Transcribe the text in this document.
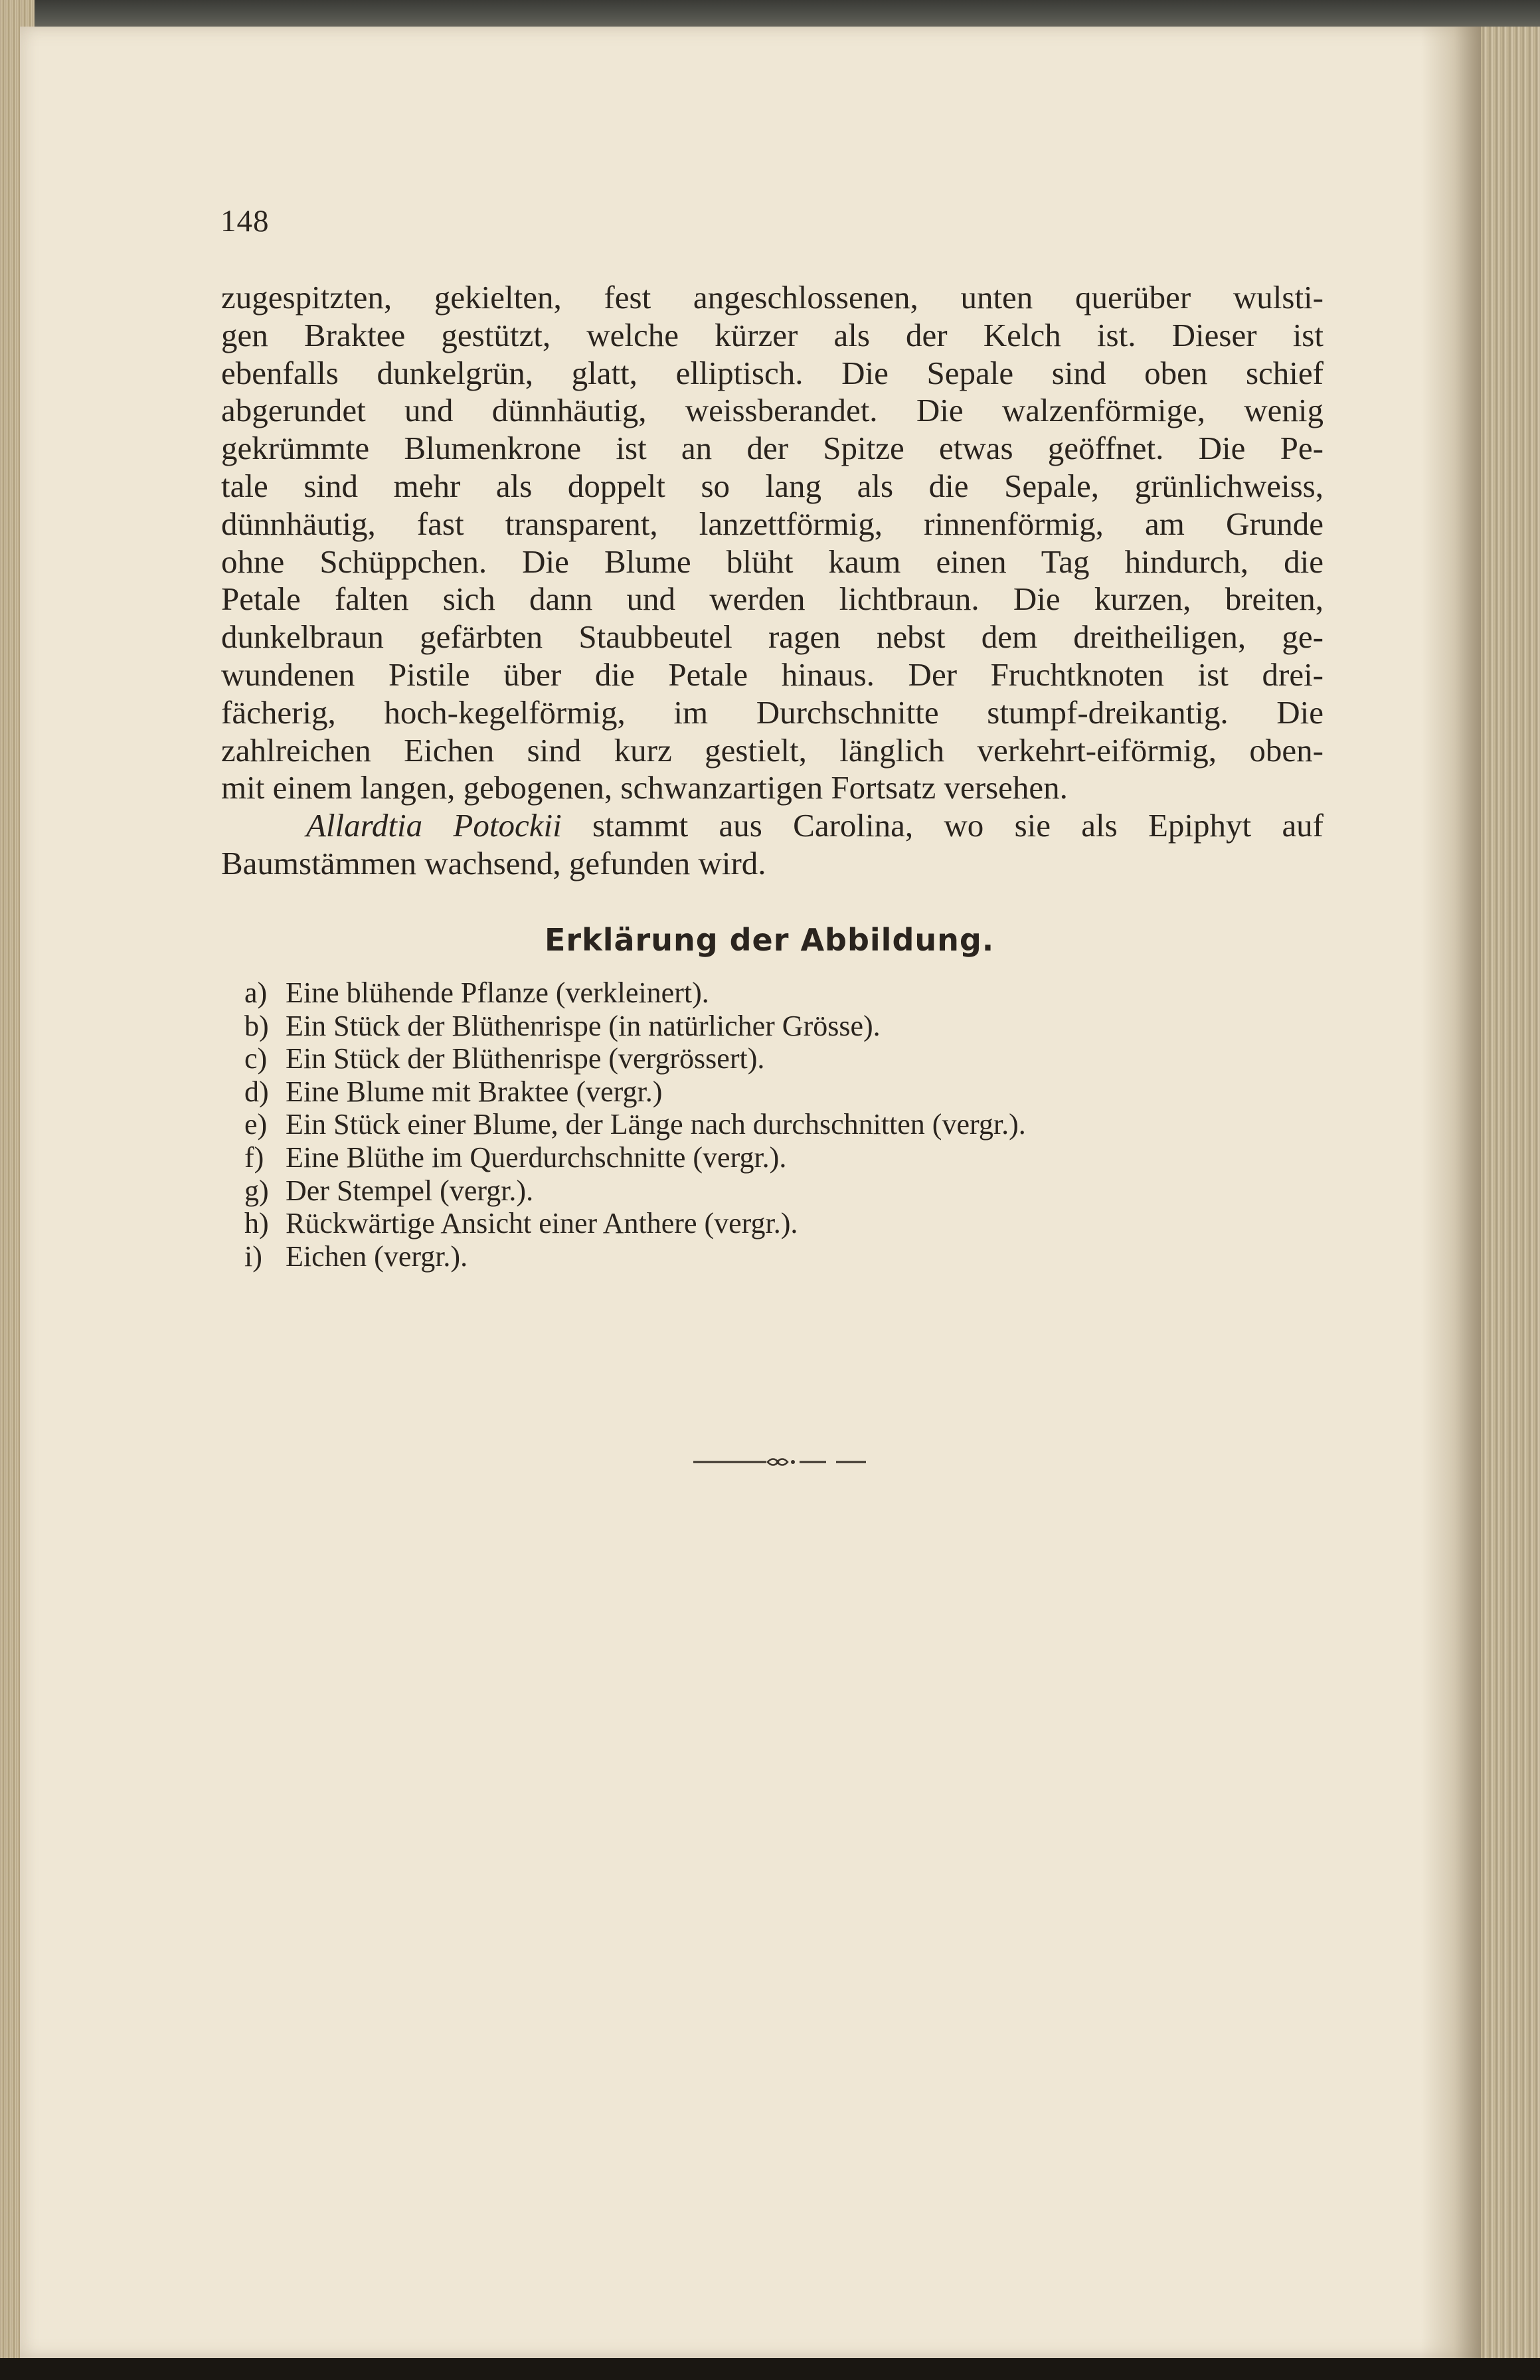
148
zugespitzten, gekielten, fest angeschlossenen, unten querüber wulsti-
gen Braktee gestützt, welche kürzer als der Kelch ist. Dieser ist
ebenfalls dunkelgrün, glatt, elliptisch. Die Sepale sind oben schief
abgerundet und dünnhäutig, weissberandet. Die walzenförmige, wenig
gekrümmte Blumenkrone ist an der Spitze etwas geöffnet. Die Pe-
tale sind mehr als doppelt so lang als die Sepale, grünlichweiss,
dünnhäutig, fast transparent, lanzettförmig, rinnenförmig, am Grunde
ohne Schüppchen. Die Blume blüht kaum einen Tag hindurch, die
Petale falten sich dann und werden lichtbraun. Die kurzen, breiten,
dunkelbraun gefärbten Staubbeutel ragen nebst dem dreitheiligen, ge-
wundenen Pistile über die Petale hinaus. Der Fruchtknoten ist drei-
fächerig, hoch-kegelförmig, im Durchschnitte stumpf-dreikantig. Die
zahlreichen Eichen sind kurz gestielt, länglich verkehrt-eiförmig, oben-
mit einem langen, gebogenen, schwanzartigen Fortsatz versehen.
Allardtia Potockii stammt aus Carolina, wo sie als Epiphyt auf
Baumstämmen wachsend, gefunden wird.
Erklärung der Abbildung.
a) Eine blühende Pflanze (verkleinert).
b) Ein Stück der Blüthenrispe (in natürlicher Grösse).
c) Ein Stück der Blüthenrispe (vergrössert).
d) Eine Blume mit Braktee (vergr.)
e) Ein Stück einer Blume, der Länge nach durchschnitten (vergr.).
f) Eine Blüthe im Querdurchschnitte (vergr.).
g) Der Stempel (vergr.).
h) Rückwärtige Ansicht einer Anthere (vergr.).
i) Eichen (vergr.).
